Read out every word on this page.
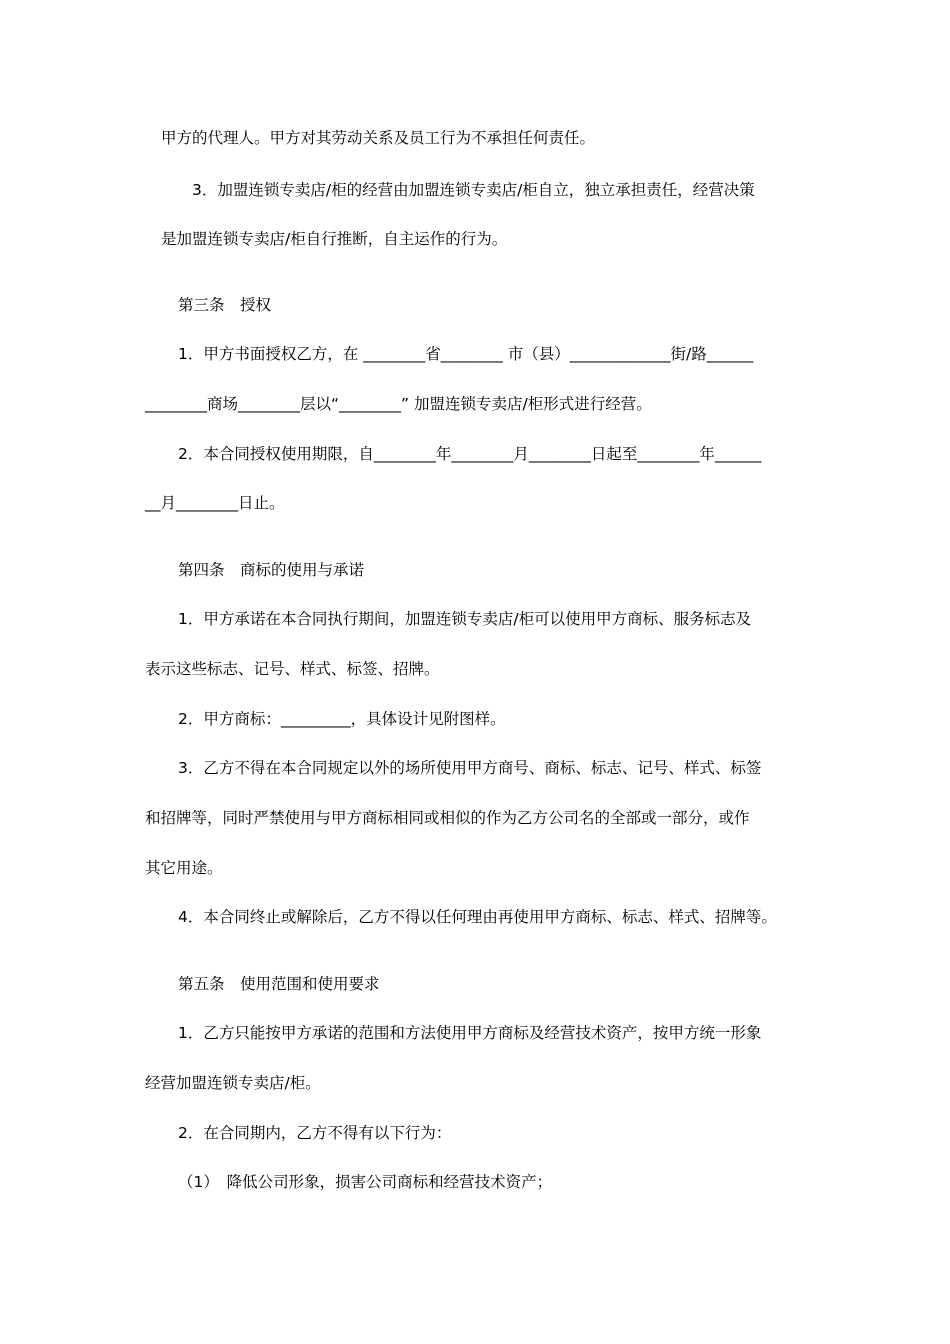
甲方的代理人。甲方对其劳动关系及员工行为不承担任何责任。

3．加盟连锁专卖店/柜的经营由加盟连锁专卖店/柜自立，独立承担责任，经营决策

是加盟连锁专卖店/柜自行推断，自主运作的行为。

第三条　授权

1．甲方书面授权乙方，在 ________省________ 市（县）_____________街/路______

________商场________层以“________” 加盟连锁专卖店/柜形式进行经营。

2．本合同授权使用期限，自________年________月________日起至________年______

__月________日止。

第四条　商标的使用与承诺

1．甲方承诺在本合同执行期间，加盟连锁专卖店/柜可以使用甲方商标、服务标志及

表示这些标志、记号、样式、标签、招牌。

2．甲方商标：_________，具体设计见附图样。

3．乙方不得在本合同规定以外的场所使用甲方商号、商标、标志、记号、样式、标签

和招牌等，同时严禁使用与甲方商标相同或相似的作为乙方公司名的全部或一部分，或作

其它用途。

4．本合同终止或解除后，乙方不得以任何理由再使用甲方商标、标志、样式、招牌等。

第五条　使用范围和使用要求

1．乙方只能按甲方承诺的范围和方法使用甲方商标及经营技术资产，按甲方统一形象

经营加盟连锁专卖店/柜。

2．在合同期内，乙方不得有以下行为：

（1）　降低公司形象，损害公司商标和经营技术资产；
